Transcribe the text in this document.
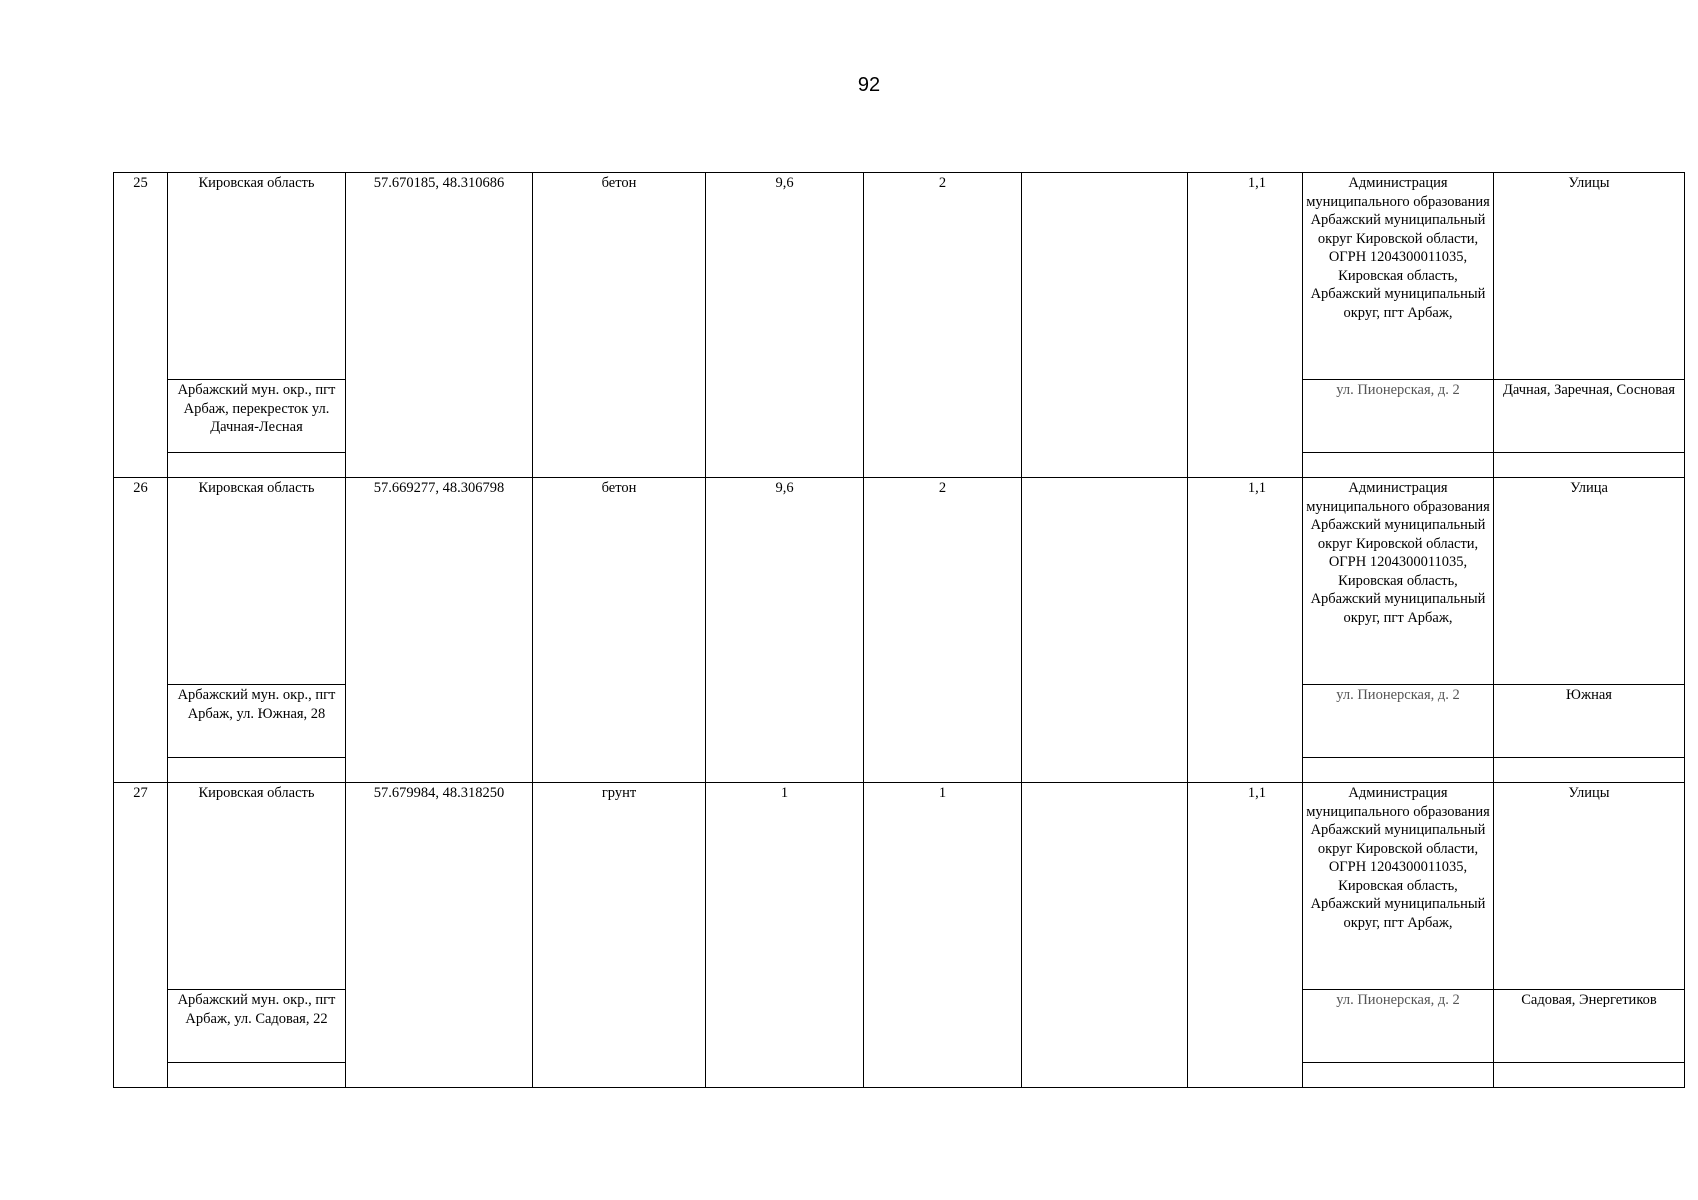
92
25	Кировская область	57.670185, 48.310686	бетон	9,6	2		1,1	Администрация муниципального образования Арбажский муниципальный округ Кировской области, ОГРН 1204300011035, Кировская область, Арбажский муниципальный округ, пгт Арбаж,	Улицы
	Арбажский мун. окр., пгт Арбаж, перекресток ул. Дачная-Лесная							ул. Пионерская, д. 2	Дачная, Заречная, Сосновая

26	Кировская область	57.669277, 48.306798	бетон	9,6	2		1,1	Администрация муниципального образования Арбажский муниципальный округ Кировской области, ОГРН 1204300011035, Кировская область, Арбажский муниципальный округ, пгт Арбаж,	Улица
	Арбажский мун. окр., пгт Арбаж, ул. Южная, 28							ул. Пионерская, д. 2	Южная

27	Кировская область	57.679984, 48.318250	грунт	1	1		1,1	Администрация муниципального образования Арбажский муниципальный округ Кировской области, ОГРН 1204300011035, Кировская область, Арбажский муниципальный округ, пгт Арбаж,	Улицы
	Арбажский мун. окр., пгт Арбаж, ул. Садовая, 22							ул. Пионерская, д. 2	Садовая, Энергетиков
